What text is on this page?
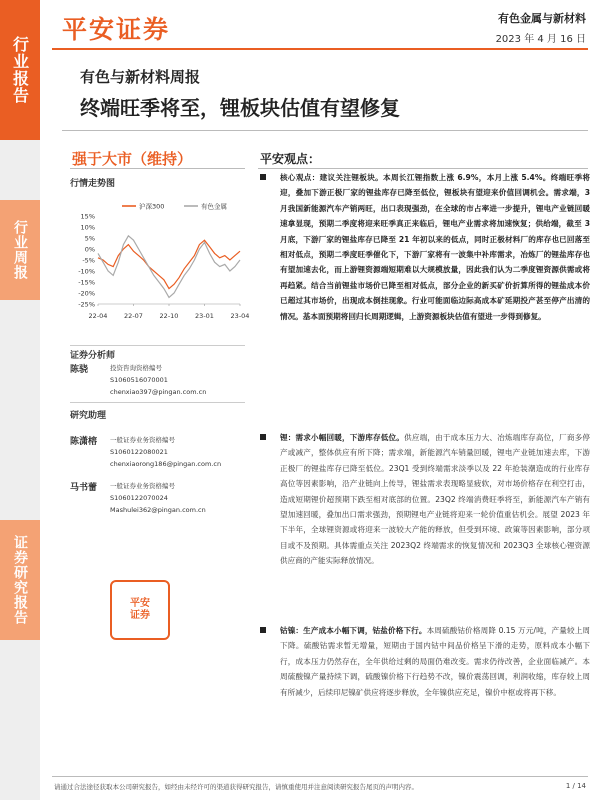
行业报告
行业周报
证券研究报告
平安证券	有色金属与新材料
2023 年 4 月 16 日
有色与新材料周报
终端旺季将至，锂板块估值有望修复
强于大市（维持）
行情走势图
15%
10%
5%
0%
-5%
-10%
-15%
-20%
-25%
22-04	22-07	22-10	23-01	23-04
沪深300	有色金属
证券分析师
陈骁	投资咨询资格编号
S1060516070001
chenxiao397@pingan.com.cn
研究助理
陈潇榕	一般证券业务资格编号
S1060122080021
chenxiaorong186@pingan.com.cn
马书蕾	一般证券业务资格编号
S1060122070024
Mashulei362@pingan.com.cn
平安
证券
平安观点：
核心观点：建议关注锂板块。本周长江锂指数上涨 6.9%，本月上涨 5.4%。终端旺季将迎，叠加下游正极厂家的锂盐库存已降至低位，锂板块有望迎来价值回调机会。需求端，3 月我国新能源汽车产销两旺，出口表现强劲，在全球的市占率进一步提升，锂电产业链回暖速拿显现，预期二季度将迎来旺季真正来临后，锂电产业需求将加速恢复；供给端，截至 3 月底，下游厂家的锂盐库存已降至 21 年初以来的低点，同时正极材料厂的库存也已回落至相对低点，预期二季度旺季催化下，下游厂家将有一波集中补库需求，冶炼厂的锂盐库存也有望加速去化，而上游锂资源端短期难以大规模放量，因此我们认为二季度锂资源供需或将再趋紧。结合当前锂盐市场价已降至相对低点，部分企业的新买矿价折算所得的锂盐成本价已超过其市场价，出现成本倒挂现象。行业可能面临边际高成本矿延期投产甚至停产出清的情况。基本面预期将回归长周期逻辑，上游资源板块估值有望进一步得到修复。
锂：需求小幅回暖，下游库存低位。供应端，由于成本压力大、冶炼端库存高位，厂商多停产或减产，整体供应有所下降；需求端，新能源汽车销量回暖，锂电产业链加速去库，下游正极厂的锂盐库存已降至低位。23Q1 受到终端需求淡季以及 22 年抢装潮造成的行业库存高位等因素影响，沿产业链向上传导，锂盐需求表现略显疲软，对市场价格存在利空打击，造成短期锂价超预期下跌至相对底部的位置。23Q2 终端消费旺季将至，新能源汽车产销有望加速回暖，叠加出口需求强劲，预期锂电产业链将迎来一轮价值重估机会。展望 2023 年下半年，全球锂资源或将迎来一波较大产能的释放，但受到环境、政策等因素影响，部分项目或不及预期。具体需重点关注 2023Q2 终端需求的恢复情况和 2023Q3 全球核心锂资源供应商的产能实际释放情况。
钴镍：生产成本小幅下调，钴盐价格下行。本周硫酸钴价格周降 0.15 万元/吨，产量较上周下降。硫酸钴需求暂无增量，短期由于国内钴中间品价格呈下滑的走势，原料成本小幅下行，成本压力仍然存在，全年供给过剩的局面仍难改变。需求仍待改善，企业面临减产。本周硫酸镍产量持续下调，硫酸镍价格下行趋势不改，镍价震荡回调，利润收缩，库存较上周有所减少，后续印尼镍矿供应将逐步释放，全年镍供应充足，镍价中枢或将再下移。
请通过合法途径获取本公司研究报告，如经由未经许可的渠道获得研究报告，请慎重使用并注意阅读研究报告尾页的声明内容。	1 / 14
